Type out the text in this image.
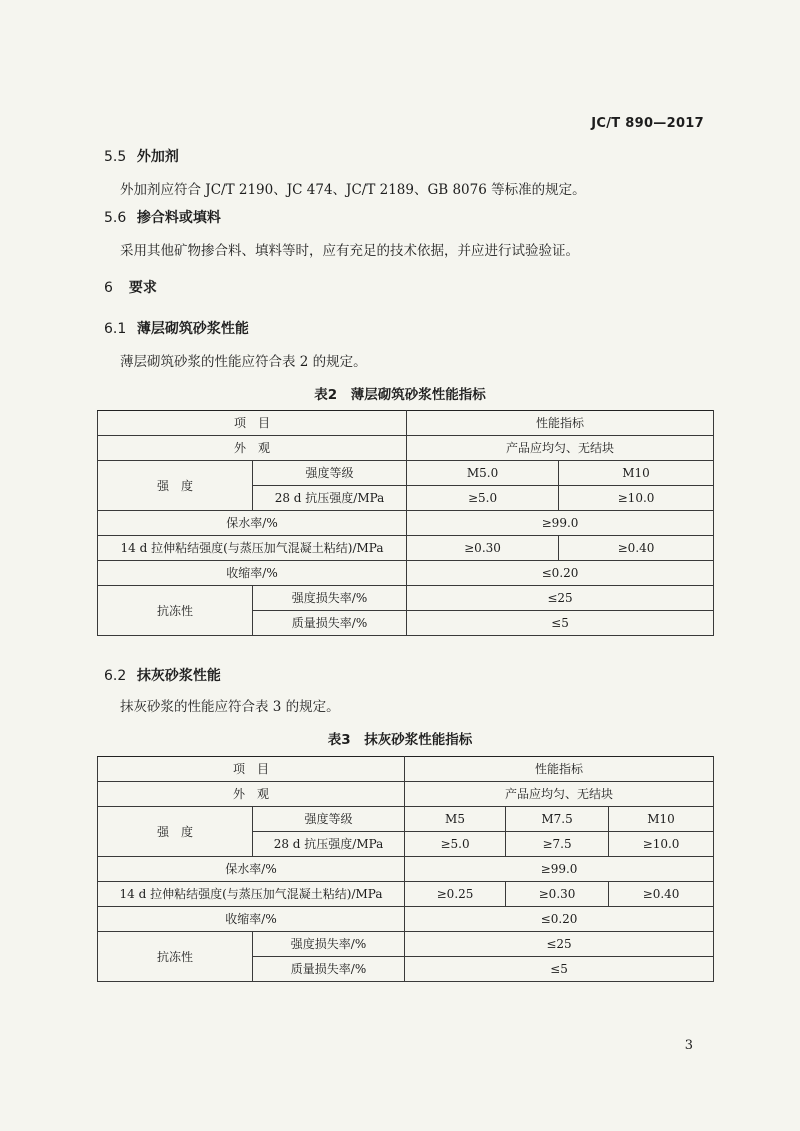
JC/T 890—2017
5.5 外加剂
外加剂应符合 JC/T 2190、JC 474、JC/T 2189、GB 8076 等标准的规定。
5.6 掺合料或填料
采用其他矿物掺合料、填料等时，应有充足的技术依据，并应进行试验验证。
6 要求
6.1 薄层砌筑砂浆性能
薄层砌筑砂浆的性能应符合表 2 的规定。
表2　薄层砌筑砂浆性能指标
项　目		性能指标	
外　观		产品应均匀、无结块	
强　度	强度等级	M5.0	M10
	28 d 抗压强度/MPa	≥5.0	≥10.0
保水率/%		≥99.0	
14 d 拉伸粘结强度(与蒸压加气混凝土粘结)/MPa		≥0.30	≥0.40
收缩率/%		≤0.20	
抗冻性	强度损失率/%	≤25	
	质量损失率/%	≤5	
6.2 抹灰砂浆性能
抹灰砂浆的性能应符合表 3 的规定。
表3　抹灰砂浆性能指标
项　目		性能指标		
外　观		产品应均匀、无结块		
强　度	强度等级	M5	M7.5	M10
	28 d 抗压强度/MPa	≥5.0	≥7.5	≥10.0
保水率/%		≥99.0		
14 d 拉伸粘结强度(与蒸压加气混凝土粘结)/MPa		≥0.25	≥0.30	≥0.40
收缩率/%		≤0.20		
抗冻性	强度损失率/%	≤25		
	质量损失率/%	≤5		
3
